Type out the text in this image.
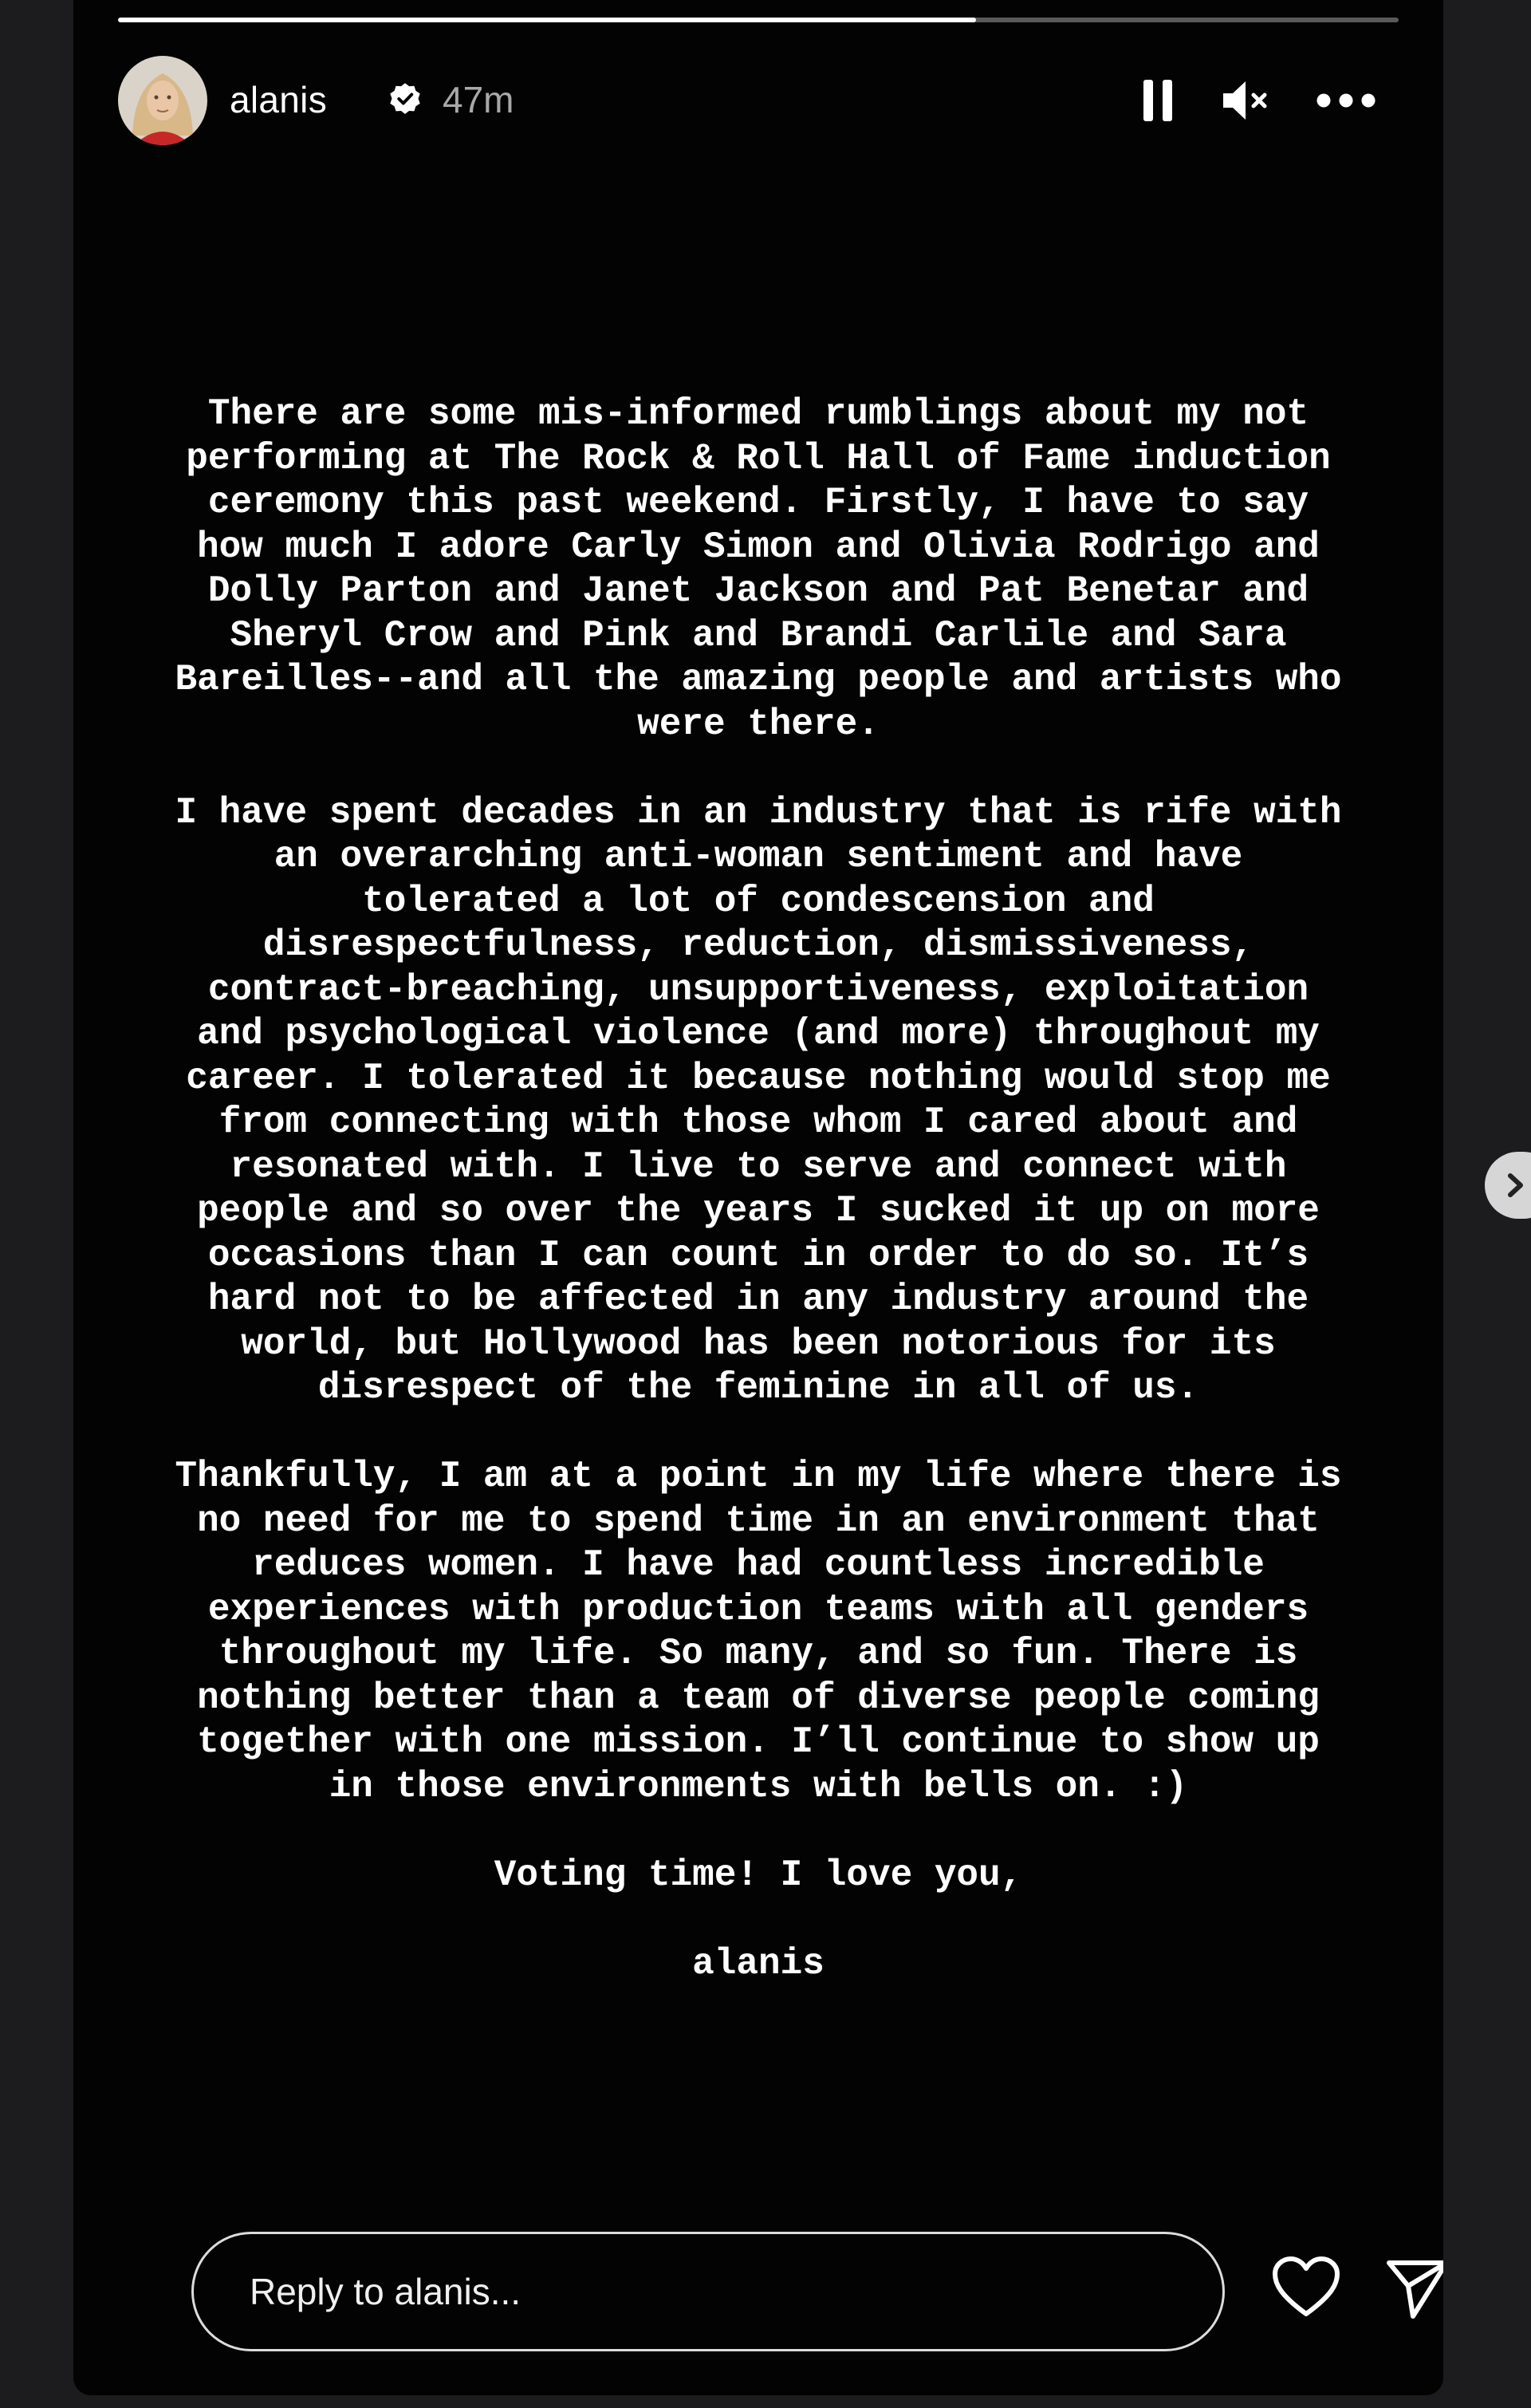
alanis	47m

There are some mis-informed rumblings about my not
performing at The Rock & Roll Hall of Fame induction
ceremony this past weekend. Firstly, I have to say
how much I adore Carly Simon and Olivia Rodrigo and
Dolly Parton and Janet Jackson and Pat Benetar and
Sheryl Crow and Pink and Brandi Carlile and Sara
Bareilles--and all the amazing people and artists who
were there.

I have spent decades in an industry that is rife with
an overarching anti-woman sentiment and have
tolerated a lot of condescension and
disrespectfulness, reduction, dismissiveness,
contract-breaching, unsupportiveness, exploitation
and psychological violence (and more) throughout my
career. I tolerated it because nothing would stop me
from connecting with those whom I cared about and
resonated with. I live to serve and connect with
people and so over the years I sucked it up on more
occasions than I can count in order to do so. It’s
hard not to be affected in any industry around the
world, but Hollywood has been notorious for its
disrespect of the feminine in all of us.

Thankfully, I am at a point in my life where there is
no need for me to spend time in an environment that
reduces women. I have had countless incredible
experiences with production teams with all genders
throughout my life. So many, and so fun. There is
nothing better than a team of diverse people coming
together with one mission. I’ll continue to show up
in those environments with bells on. :)

Voting time! I love you,

alanis

Reply to alanis...
